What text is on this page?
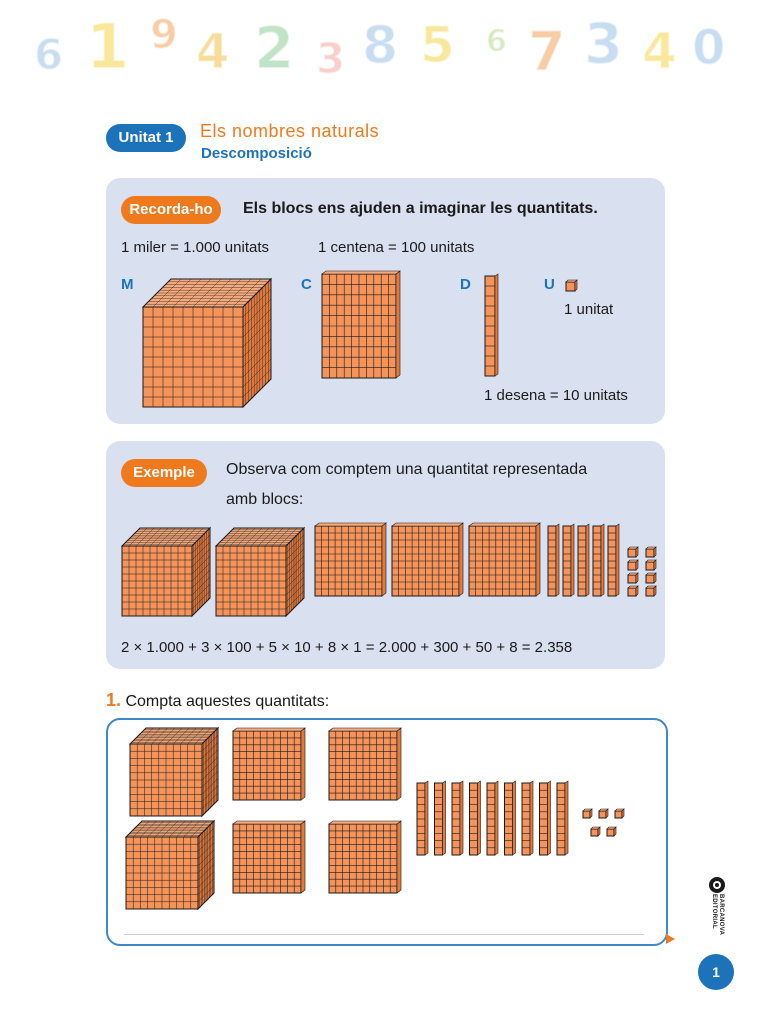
6 1 9 4 2 3 8 5 6 7 3 4 0
Unitat 1	Els nombres naturals
Descomposició
Recorda-ho	Els blocs ens ajuden a imaginar les quantitats.
1 miler = 1.000 unitats	1 centena = 100 unitats
M	C	D	U
1 unitat
1 desena = 10 unitats
Exemple	Observa com comptem una quantitat representada
amb blocs:
2 × 1.000 + 3 × 100 + 5 × 10 + 8 × 1 = 2.000 + 300 + 50 + 8 = 2.358
1. Compta aquestes quantitats:
BARCANOVA EDITORIAL
1
